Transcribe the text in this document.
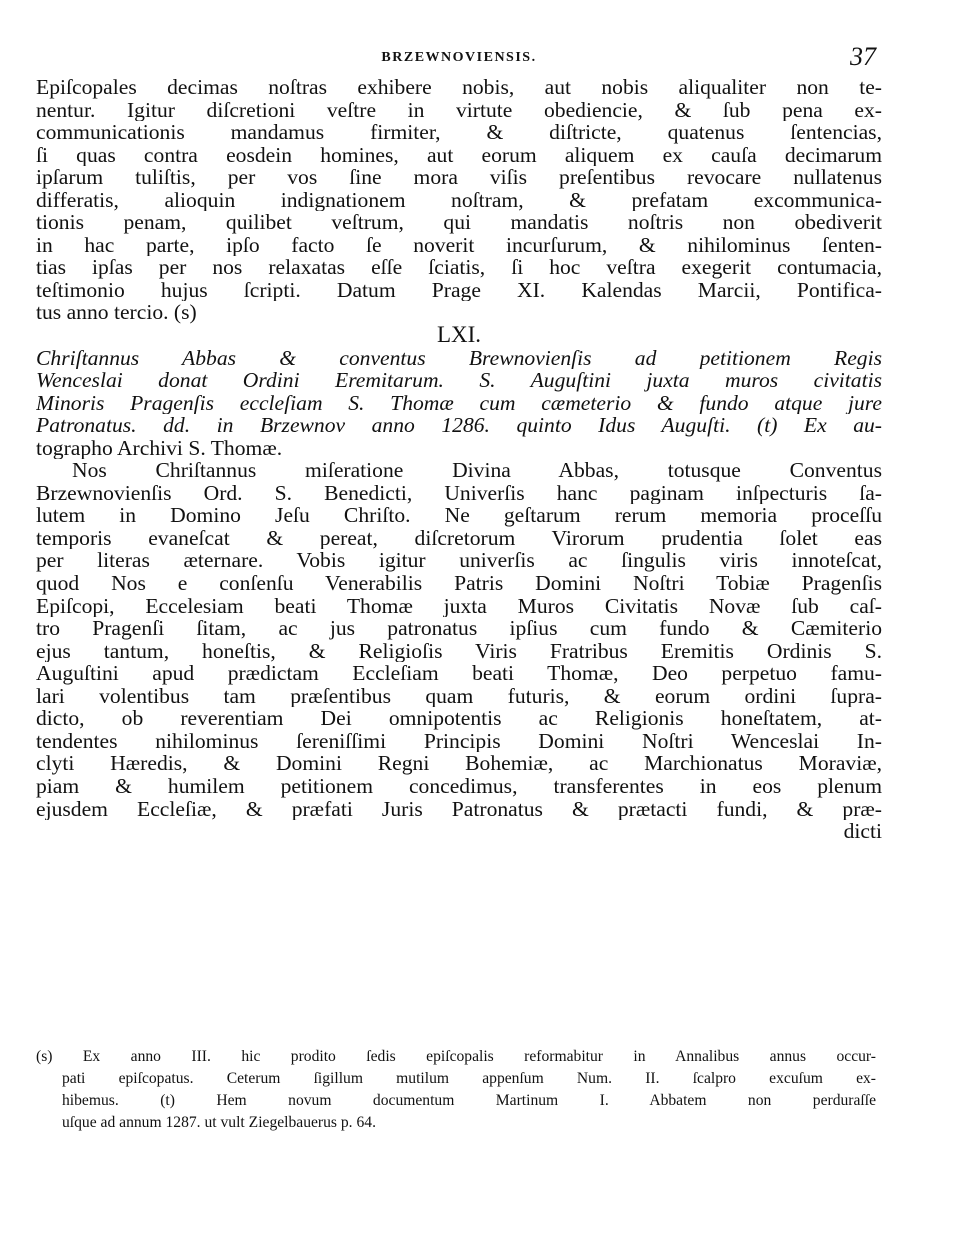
BRZEWNOVIENSIS.	37
Epiſcopales decimas noſtras exhibere nobis, aut nobis aliqualiter non te-
nentur. Igitur diſcretioni veſtre in virtute obediencie, & ſub pena ex-
communicationis mandamus firmiter, & diſtricte, quatenus ſentencias,
ſi quas contra eosdein homines, aut eorum aliquem ex cauſa decimarum
ipſarum tuliſtis, per vos ſine mora viſis preſentibus revocare nullatenus
differatis, alioquin indignationem noſtram, & prefatam excommunica-
tionis penam, quilibet veſtrum, qui mandatis noſtris non obediverit
in hac parte, ipſo facto ſe noverit incurſurum, & nihilominus ſenten-
tias ipſas per nos relaxatas eſſe ſciatis, ſi hoc veſtra exegerit contumacia,
teſtimonio hujus ſcripti. Datum Prage XI. Kalendas Marcii, Pontifica-
tus anno tercio. (s)
LXI.
Chriſtannus Abbas & conventus Brewnovienſis ad petitionem Regis
Wenceslai donat Ordini Eremitarum. S. Auguſtini juxta muros civitatis
Minoris Pragenſis eccleſiam S. Thomæ cum cæmeterio & fundo atque jure
Patronatus. dd. in Brzewnov anno 1286. quinto Idus Auguſti. (t) Ex au-
tographo Archivi S. Thomæ.
Nos Chriſtannus miſeratione Divina Abbas, totusque Conventus
Brzewnovienſis Ord. S. Benedicti, Univerſis hanc paginam inſpecturis ſa-
lutem in Domino Jeſu Chriſto. Ne geſtarum rerum memoria proceſſu
temporis evaneſcat & pereat, diſcretorum Virorum prudentia ſolet eas
per literas æternare. Vobis igitur univerſis ac ſingulis viris innoteſcat,
quod Nos e conſenſu Venerabilis Patris Domini Noſtri Tobiæ Pragenſis
Epiſcopi, Eccelesiam beati Thomæ juxta Muros Civitatis Novæ ſub caſ-
tro Pragenſi ſitam, ac jus patronatus ipſius cum fundo & Cæmiterio
ejus tantum, honeſtis, & Religioſis Viris Fratribus Eremitis Ordinis S.
Auguſtini apud prædictam Eccleſiam beati Thomæ, Deo perpetuo famu-
lari volentibus tam præſentibus quam futuris, & eorum ordini ſupra-
dicto, ob reverentiam Dei omnipotentis ac Religionis honeſtatem, at-
tendentes nihilominus ſereniſſimi Principis Domini Noſtri Wenceslai In-
clyti Hæredis, & Domini Regni Bohemiæ, ac Marchionatus Moraviæ,
piam & humilem petitionem concedimus, transferentes in eos plenum
ejusdem Eccleſiæ, & præfati Juris Patronatus & prætacti fundi, & præ-
dicti
(s) Ex anno III. hic prodito ſedis epiſcopalis reformabitur in Annalibus annus occur-
pati epiſcopatus. Ceterum ſigillum mutilum appenſum Num. II. ſcalpro excuſum ex-
hibemus. (t) Hem novum documentum Martinum I. Abbatem non perduraſſe
uſque ad annum 1287. ut vult Ziegelbauerus p. 64.
